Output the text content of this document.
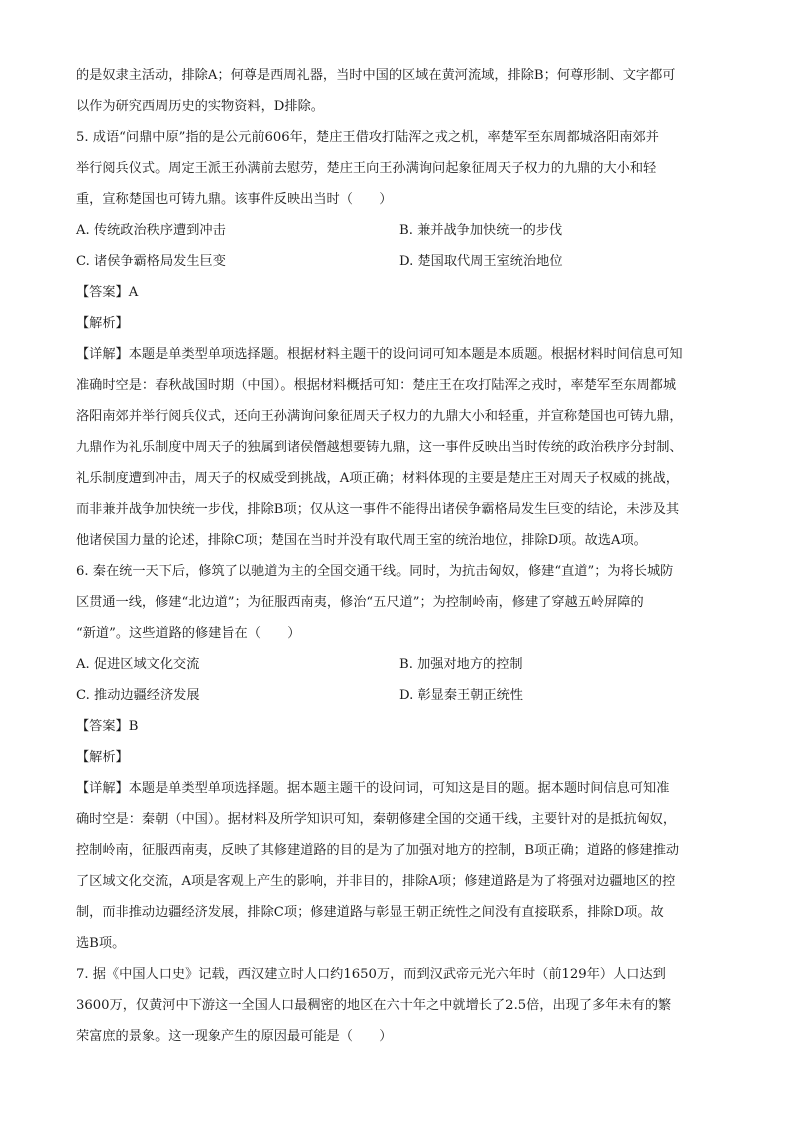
的是奴隶主活动，排除A；何尊是西周礼器，当时中国的区域在黄河流域，排除B；何尊形制、文字都可
以作为研究西周历史的实物资料，D排除。
5. 成语“问鼎中原”指的是公元前606年，楚庄王借攻打陆浑之戎之机，率楚军至东周都城洛阳南郊并
举行阅兵仪式。周定王派王孙满前去慰劳，楚庄王向王孙满询问起象征周天子权力的九鼎的大小和轻
重，宣称楚国也可铸九鼎。该事件反映出当时（　　）
A. 传统政治秩序遭到冲击	B. 兼并战争加快统一的步伐
C. 诸侯争霸格局发生巨变	D. 楚国取代周王室统治地位
【答案】A
【解析】
【详解】本题是单类型单项选择题。根据材料主题干的设问词可知本题是本质题。根据材料时间信息可知
准确时空是：春秋战国时期（中国）。根据材料概括可知：楚庄王在攻打陆浑之戎时，率楚军至东周都城
洛阳南郊并举行阅兵仪式，还向王孙满询问象征周天子权力的九鼎大小和轻重，并宣称楚国也可铸九鼎，
九鼎作为礼乐制度中周天子的独属到诸侯僭越想要铸九鼎，这一事件反映出当时传统的政治秩序分封制、
礼乐制度遭到冲击，周天子的权威受到挑战，A项正确；材料体现的主要是楚庄王对周天子权威的挑战，
而非兼并战争加快统一步伐，排除B项；仅从这一事件不能得出诸侯争霸格局发生巨变的结论，未涉及其
他诸侯国力量的论述，排除C项；楚国在当时并没有取代周王室的统治地位，排除D项。故选A项。
6. 秦在统一天下后，修筑了以驰道为主的全国交通干线。同时，为抗击匈奴，修建“直道”；为将长城防
区贯通一线，修建“北边道”；为征服西南夷，修治“五尺道”；为控制岭南，修建了穿越五岭屏障的
“新道”。这些道路的修建旨在（　　）
A. 促进区域文化交流	B. 加强对地方的控制
C. 推动边疆经济发展	D. 彰显秦王朝正统性
【答案】B
【解析】
【详解】本题是单类型单项选择题。据本题主题干的设问词，可知这是目的题。据本题时间信息可知准
确时空是：秦朝（中国）。据材料及所学知识可知，秦朝修建全国的交通干线，主要针对的是抵抗匈奴，
控制岭南，征服西南夷，反映了其修建道路的目的是为了加强对地方的控制，B项正确；道路的修建推动
了区域文化交流，A项是客观上产生的影响，并非目的，排除A项；修建道路是为了将强对边疆地区的控
制，而非推动边疆经济发展，排除C项；修建道路与彰显王朝正统性之间没有直接联系，排除D项。故
选B项。
7. 据《中国人口史》记载，西汉建立时人口约1650万，而到汉武帝元光六年时（前129年）人口达到
3600万，仅黄河中下游这一全国人口最稠密的地区在六十年之中就增长了2.5倍，出现了多年未有的繁
荣富庶的景象。这一现象产生的原因最可能是（　　）
